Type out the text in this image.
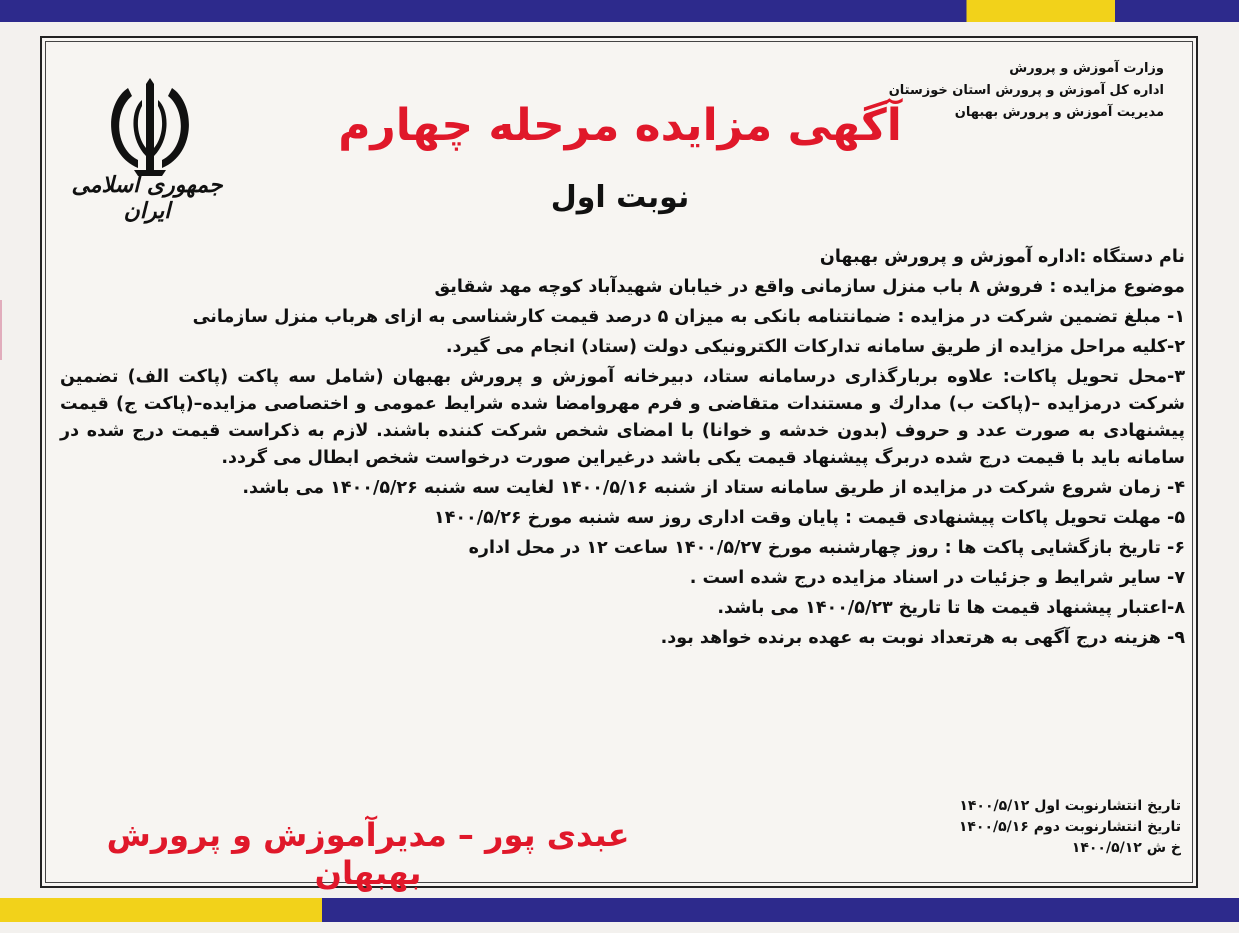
وزارت آموزش و پرورش
اداره کل آموزش و پرورش استان خوزستان
مدیریت آموزش و پرورش بهبهان
آگهی مزایده مرحله چهارم
نوبت اول
جمهوری اسلامی ایران

نام دستگاه :اداره آموزش و پرورش بهبهان

موضوع مزایده : فروش ۸ باب منزل سازمانی واقع در خیابان شهیدآباد کوچه مهد شقایق

۱- مبلغ تضمین شرکت در مزایده : ضمانتنامه بانکی به میزان ۵ درصد قیمت کارشناسی به ازای هرباب منزل سازمانی

۲-کلیه مراحل مزایده از طریق سامانه تدارکات الکترونیکی دولت (ستاد) انجام می گیرد.

۳-محل تحویل پاکات: علاوه بربارگذاری درسامانه ستاد، دبیرخانه آموزش و پرورش بهبهان (شامل سه پاکت (پاکت الف) تضمین شرکت درمزایده –(پاکت ب) مدارك و مستندات متقاضی و فرم مهروامضا شده شرایط عمومی و اختصاصی مزایده–(پاکت ج) قیمت پیشنهادی به صورت عدد و حروف (بدون خدشه و خوانا) با امضای شخص شرکت کننده باشند. لازم به ذکراست قیمت درج شده در سامانه باید با قیمت درج شده دربرگ پیشنهاد قیمت یکی باشد درغیراین صورت درخواست شخص ابطال می گردد.

۴- زمان شروع شرکت در مزایده از طریق سامانه ستاد از شنبه ۱۴۰۰/۵/۱۶ لغایت سه شنبه ۱۴۰۰/۵/۲۶ می باشد.

۵- مهلت تحویل پاکات پیشنهادی قیمت : پایان وقت اداری روز سه شنبه مورخ ۱۴۰۰/۵/۲۶

۶- تاریخ بازگشایی پاکت ها : روز چهارشنبه مورخ ۱۴۰۰/۵/۲۷ ساعت ۱۲ در محل اداره

۷- سایر شرایط و جزئیات در اسناد مزایده درج شده است .

۸-اعتبار پیشنهاد قیمت ها تا تاریخ ۱۴۰۰/۵/۲۳ می باشد.

۹- هزینه درج آگهی به هرتعداد نوبت به عهده برنده خواهد بود.

تاریخ انتشارنوبت اول ۱۴۰۰/۵/۱۲
تاریخ انتشارنوبت دوم ۱۴۰۰/۵/۱۶
خ ش ۱۴۰۰/۵/۱۲
عبدی پور – مدیرآموزش و پرورش بهبهان
